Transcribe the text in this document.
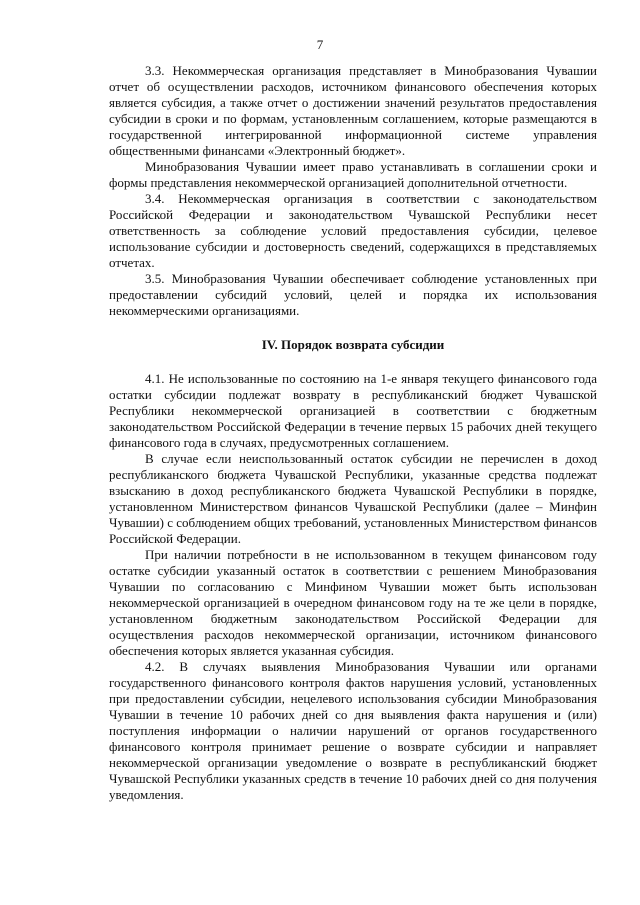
7

3.3. Некоммерческая организация представляет в Минобразования Чувашии отчет об осуществлении расходов, источником финансового обеспечения которых является субсидия, а также отчет о достижении значений результатов предоставления субсидии в сроки и по формам, установленным соглашением, которые размещаются в государственной интегрированной информационной системе управления общественными финансами «Электронный бюджет».

Минобразования Чувашии имеет право устанавливать в соглашении сроки и формы представления некоммерческой организацией дополнительной отчетности.

3.4. Некоммерческая организация в соответствии с законодательством Российской Федерации и законодательством Чувашской Республики несет ответственность за соблюдение условий предоставления субсидии, целевое использование субсидии и достоверность сведений, содержащихся в представляемых отчетах.

3.5. Минобразования Чувашии обеспечивает соблюдение установленных при предоставлении субсидий условий, целей и порядка их использования некоммерческими организациями.

IV. Порядок возврата субсидии

4.1. Не использованные по состоянию на 1-е января текущего финансового года остатки субсидии подлежат возврату в республиканский бюджет Чувашской Республики некоммерческой организацией в соответствии с бюджетным законодательством Российской Федерации в течение первых 15 рабочих дней текущего финансового года в случаях, предусмотренных соглашением.

В случае если неиспользованный остаток субсидии не перечислен в доход республиканского бюджета Чувашской Республики, указанные средства подлежат взысканию в доход республиканского бюджета Чувашской Республики в порядке, установленном Министерством финансов Чувашской Республики (далее – Минфин Чувашии) с соблюдением общих требований, установленных Министерством финансов Российской Федерации.

При наличии потребности в не использованном в текущем финансовом году остатке субсидии указанный остаток в соответствии с решением Минобразования Чувашии по согласованию с Минфином Чувашии может быть использован некоммерческой организацией в очередном финансовом году на те же цели в порядке, установленном бюджетным законодательством Российской Федерации для осуществления расходов некоммерческой организации, источником финансового обеспечения которых является указанная субсидия.

4.2. В случаях выявления Минобразования Чувашии или органами государственного финансового контроля фактов нарушения условий, установленных при предоставлении субсидии, нецелевого использования субсидии Минобразования Чувашии в течение 10 рабочих дней со дня выявления факта нарушения и (или) поступления информации о наличии нарушений от органов государственного финансового контроля принимает решение о возврате субсидии и направляет некоммерческой организации уведомление о возврате в республиканский бюджет Чувашской Республики указанных средств в течение 10 рабочих дней со дня получения уведомления.
